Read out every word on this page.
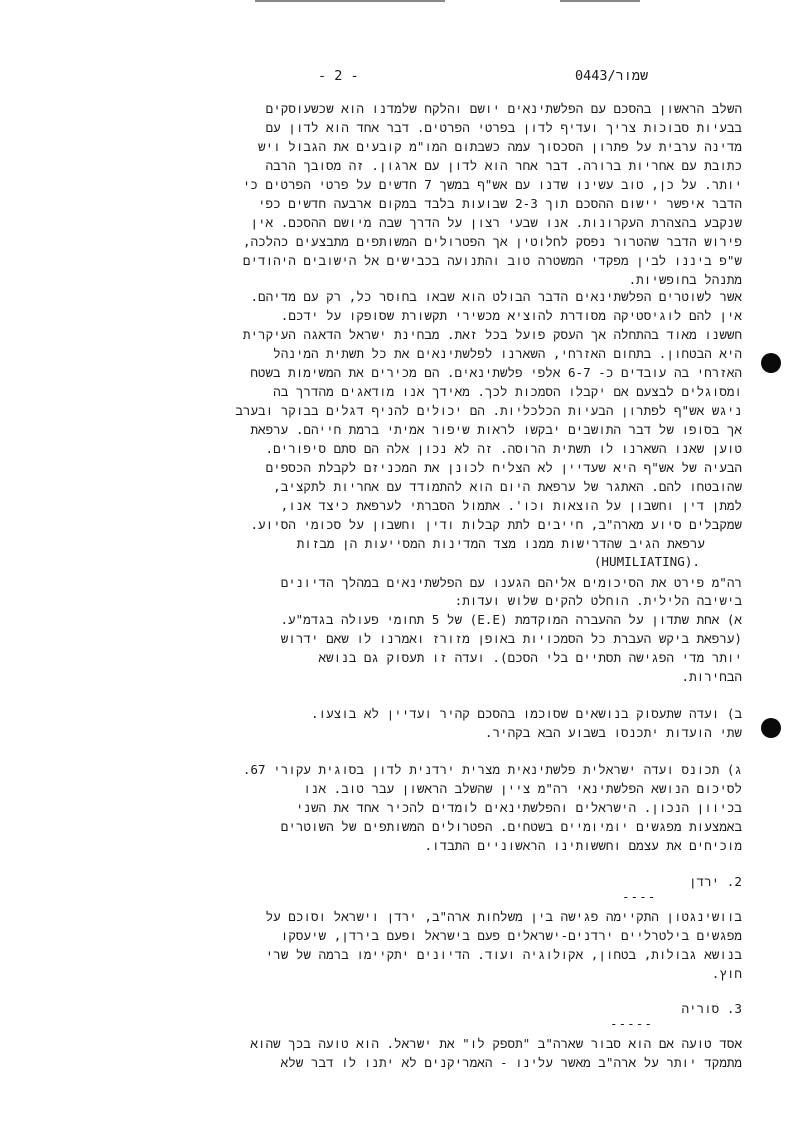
- 2 -	0443/שמור
השלב הראשון בהסכם עם הפלשתינאים יושם והלקח שלמדנו הוא שכשעוסקים
בבעיות סבוכות צריך ועדיף לדון בפרטי הפרטים. דבר אחד הוא לדון עם
מדינה ערבית על פתרון הסכסוך עמה כשבתום המו"מ קובעים את הגבול ויש
כתובת עם אחריות ברורה. דבר אחר הוא לדון עם ארגון. זה מסובך הרבה
יותר. על כן, טוב עשינו שדנו עם אש"ף במשך 7 חדשים על פרטי הפרטים כי
הדבר איפשר יישום ההסכם תוך 2-3 שבועות בלבד במקום ארבעה חדשים כפי
שנקבע בהצהרת העקרונות. אנו שבעי רצון על הדרך שבה מיושם ההסכם. אין
פירוש הדבר שהטרור נפסק לחלוטין אך הפטרולים המשותפים מתבצעים כהלכה,
ש"פ ביננו לבין מפקדי המשטרה טוב והתנועה בכבישים אל הישובים היהודים
מתנהל בחופשיות.
אשר לשוטרים הפלשתינאים הדבר הבולט הוא שבאו בחוסר כל, רק עם מדיהם.
אין להם לוגיסטיקה מסודרת להוציא מכשירי תקשורת שסופקו על ידכם.
חששנו מאוד בהתחלה אך העסק פועל בכל זאת. מבחינת ישראל הדאגה העיקרית
היא הבטחון. בתחום האזרחי, השארנו לפלשתינאים את כל תשתית המינהל
האזרחי בה עובדים כ- 6-7 אלפי פלשתינאים. הם מכירים את המשימות בשטח
ומסוגלים לבצעם אם יקבלו הסמכות לכך. מאידך אנו מודאגים מהדרך בה
ניגש אש"ף לפתרון הבעיות הכלכליות. הם יכולים להניף דגלים בבוקר ובערב
אך בסופו של דבר התושבים יבקשו לראות שיפור אמיתי ברמת חייהם. ערפאת
טוען שאנו השארנו לו תשתית הרוסה. זה לא נכון אלה הם סתם סיפורים.
הבעיה של אש"ף היא שעדיין לא הצליח לכונן את המכניזם לקבלת הכספים
שהובטחו להם. האתגר של ערפאת היום הוא להתמודד עם אחריות לתקציב,
למתן דין וחשבון על הוצאות וכו'. אתמול הסברתי לערפאת כיצד אנו,
שמקבלים סיוע מארה"ב, חייבים לתת קבלות ודין וחשבון על סכומי הסיוע.
ערפאת הגיב שהדרישות ממנו מצד המדינות המסייעות הן מבזות
(HUMILIATING).
רה"מ פירט את הסיכומים אליהם הגענו עם הפלשתינאים במהלך הדיונים
בישיבה הלילית. הוחלט להקים שלוש ועדות:
א) אחת שתדון על ההעברה המוקדמת (E.E) של 5 תחומי פעולה בגדמ"ע.
(ערפאת ביקש העברת כל הסמכויות באופן מזורז ואמרנו לו שאם ידרוש
יותר מדי הפגישה תסתיים בלי הסכם). ועדה זו תעסוק גם בנושא
הבחירות.
ב) ועדה שתעסוק בנושאים שסוכמו בהסכם קהיר ועדיין לא בוצעו.
שתי הועדות יתכנסו בשבוע הבא בקהיר.
ג) תכונס ועדה ישראלית פלשתינאית מצרית ירדנית לדון בסוגית עקורי 67.
לסיכום הנושא הפלשתינאי רה"מ ציין שהשלב הראשון עבר טוב. אנו
בכיוון הנכון. הישראלים והפלשתינאים לומדים להכיר אחד את השני
באמצעות מפגשים יומיומיים בשטחים. הפטרולים המשותפים של השוטרים
מוכיחים את עצמם וחששותינו הראשוניים התבדו.
2. ירדן
----
בוושינגטון התקיימה פגישה בין משלחות ארה"ב, ירדן וישראל וסוכם על
מפגשים בילטרליים ירדנים-ישראלים פעם בישראל ופעם בירדן, שיעסקו
בנושא גבולות, בטחון, אקולוגיה ועוד. הדיונים יתקיימו ברמה של שרי
חוץ.
3. סוריה
-----
אסד טועה אם הוא סבור שארה"ב "תספק לו" את ישראל. הוא טועה בכך שהוא
מתמקד יותר על ארה"ב מאשר עלינו - האמריקנים לא יתנו לו דבר שלא
